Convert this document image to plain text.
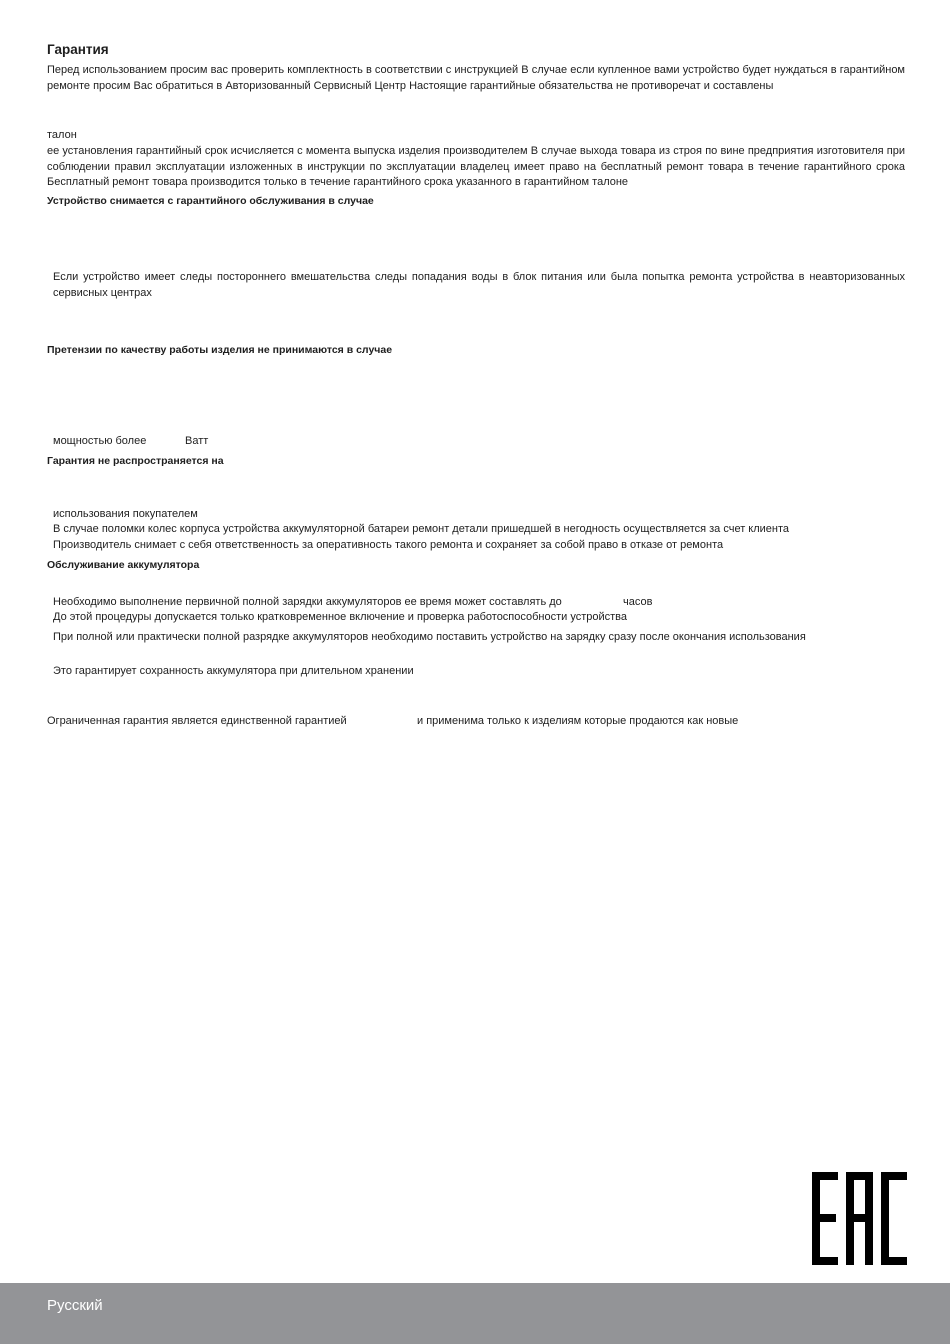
Гарантия
Перед использованием просим вас проверить комплектность в соответствии с инструкцией В случае если купленное вами устройство будет нуждаться в гарантийном ремонте просим Вас обратиться в Авторизованный Сервисный Центр Настоящие гарантийные обязательства не противоречат и составлены
талон
ее установления гарантийный срок исчисляется с момента выпуска изделия производителем В случае выхода товара из строя по вине предприятия изготовителя при соблюдении правил эксплуатации изложенных в инструкции по эксплуатации владелец имеет право на бесплатный ремонт товара в течение гарантийного срока Бесплатный ремонт товара производится только в течение гарантийного срока указанного в гарантийном талоне
Устройство снимается с гарантийного обслуживания в случае
Если устройство имеет следы постороннего вмешательства следы попадания воды в блок питания или была попытка ремонта устройства в неавторизованных сервисных центрах
Претензии по качеству работы изделия не принимаются в случае
мощностью более	Ватт
Гарантия не распространяется на
использования покупателем
В случае поломки колес корпуса устройства аккумуляторной батареи ремонт детали пришедшей в негодность осуществляется за счет клиента
Производитель снимает с себя ответственность за оперативность такого ремонта и сохраняет за собой право в отказе от ремонта
Обслуживание аккумулятора
Необходимо выполнение первичной полной зарядки аккумуляторов ее время может составлять до	часов
До этой процедуры допускается только кратковременное включение и проверка работоспособности устройства
При полной или практически полной разрядке аккумуляторов необходимо поставить устройство на зарядку сразу после окончания использования
Это гарантирует сохранность аккумулятора при длительном хранении
Ограниченная гарантия является единственной гарантией	и применима только к изделиям которые продаются как новые
Русский
